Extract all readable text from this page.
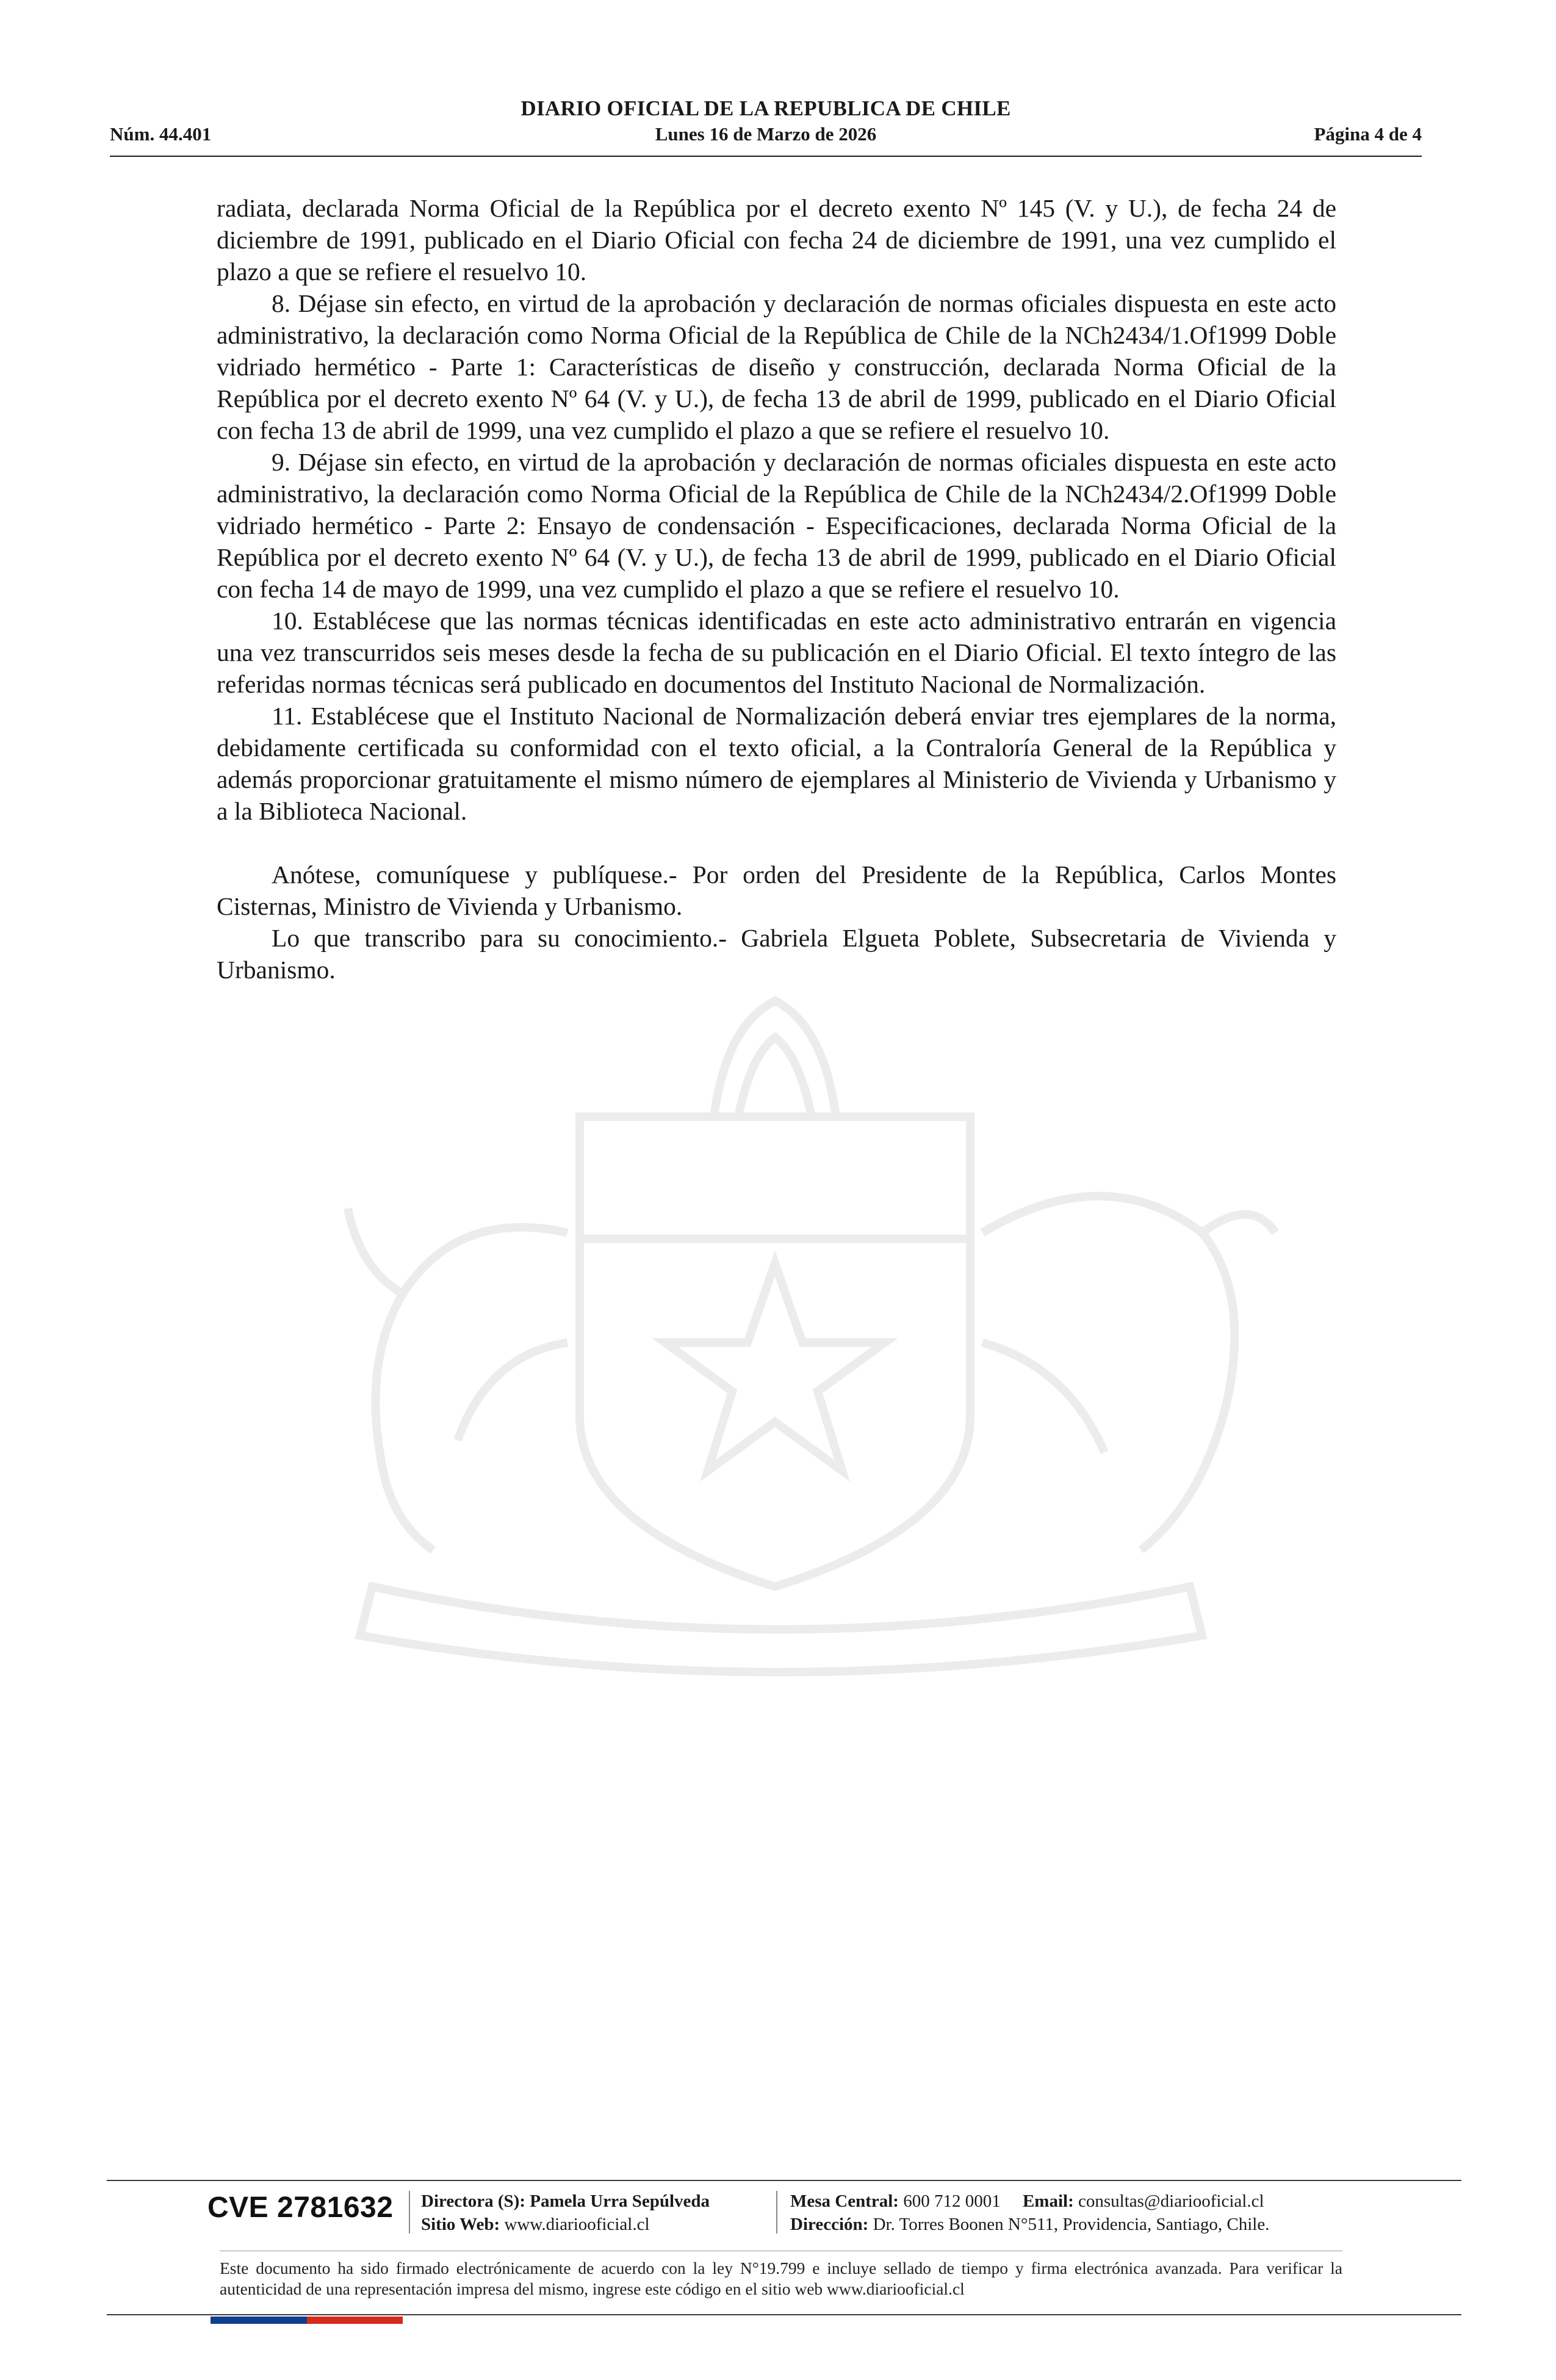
DIARIO OFICIAL DE LA REPUBLICA DE CHILE
Núm. 44.401	Lunes 16 de Marzo de 2026	Página 4 de 4

radiata, declarada Norma Oficial de la República por el decreto exento Nº 145 (V. y U.), de fecha 24 de diciembre de 1991, publicado en el Diario Oficial con fecha 24 de diciembre de 1991, una vez cumplido el plazo a que se refiere el resuelvo 10.

8. Déjase sin efecto, en virtud de la aprobación y declaración de normas oficiales dispuesta en este acto administrativo, la declaración como Norma Oficial de la República de Chile de la NCh2434/1.Of1999 Doble vidriado hermético - Parte 1: Características de diseño y construcción, declarada Norma Oficial de la República por el decreto exento Nº 64 (V. y U.), de fecha 13 de abril de 1999, publicado en el Diario Oficial con fecha 13 de abril de 1999, una vez cumplido el plazo a que se refiere el resuelvo 10.

9. Déjase sin efecto, en virtud de la aprobación y declaración de normas oficiales dispuesta en este acto administrativo, la declaración como Norma Oficial de la República de Chile de la NCh2434/2.Of1999 Doble vidriado hermético - Parte 2: Ensayo de condensación - Especificaciones, declarada Norma Oficial de la República por el decreto exento Nº 64 (V. y U.), de fecha 13 de abril de 1999, publicado en el Diario Oficial con fecha 14 de mayo de 1999, una vez cumplido el plazo a que se refiere el resuelvo 10.

10. Establécese que las normas técnicas identificadas en este acto administrativo entrarán en vigencia una vez transcurridos seis meses desde la fecha de su publicación en el Diario Oficial. El texto íntegro de las referidas normas técnicas será publicado en documentos del Instituto Nacional de Normalización.

11. Establécese que el Instituto Nacional de Normalización deberá enviar tres ejemplares de la norma, debidamente certificada su conformidad con el texto oficial, a la Contraloría General de la República y además proporcionar gratuitamente el mismo número de ejemplares al Ministerio de Vivienda y Urbanismo y a la Biblioteca Nacional.

Anótese, comuníquese y publíquese.- Por orden del Presidente de la República, Carlos Montes Cisternas, Ministro de Vivienda y Urbanismo.

Lo que transcribo para su conocimiento.- Gabriela Elgueta Poblete, Subsecretaria de Vivienda y Urbanismo.

CVE 2781632 Directora (S): Pamela Urra Sepúlveda
Sitio Web: www.diariooficial.cl
Mesa Central: 600 712 0001 Email: consultas@diariooficial.cl
Dirección: Dr. Torres Boonen N°511, Providencia, Santiago, Chile.
Este documento ha sido firmado electrónicamente de acuerdo con la ley N°19.799 e incluye sellado de tiempo y firma electrónica avanzada. Para verificar la autenticidad de una representación impresa del mismo, ingrese este código en el sitio web www.diariooficial.cl
